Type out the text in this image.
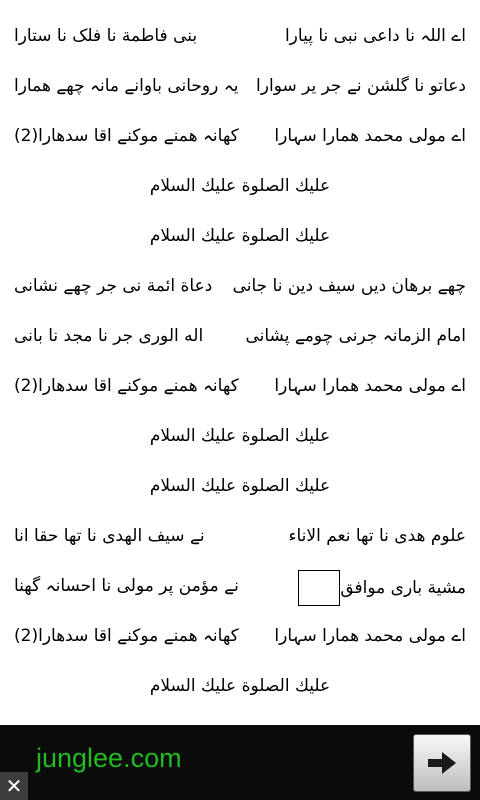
اے اللہ نا داعی نبی نا پیارا
بنی فاطمة نا فلک نا ستارا
دعاتو نا گلشن نے جر یر سوارا
یہ روحانی باوانے مانہ چھے ھمارا
اے مولی محمد ھمارا سہارا
کھانہ ھمنے موکنے اقا سدھارا(2)
عليك الصلوة عليك السلام
عليك الصلوة عليك السلام
چھے برھان دیں سیف دین نا جانی
دعاة ائمة نی جر چھے نشانی
امام الزمانہ جرنی چومے پشانی
اله الوری جر نا مجد نا بانی
اے مولی محمد ھمارا سہارا
کھانہ ھمنے موکنے اقا سدھارا(2)
عليك الصلوة عليك السلام
عليك الصلوة عليك السلام
علوم ھدی نا تھا نعم الاناء
نے سیف الھدی نا تھا حقا انا
مشیة باری موافق
نے مؤمن پر مولی نا احسانہ گھنا
اے مولی محمد ھمارا سہارا
کھانہ ھمنے موکنے اقا سدھارا(2)
عليك الصلوة عليك السلام
junglee.com
✕
